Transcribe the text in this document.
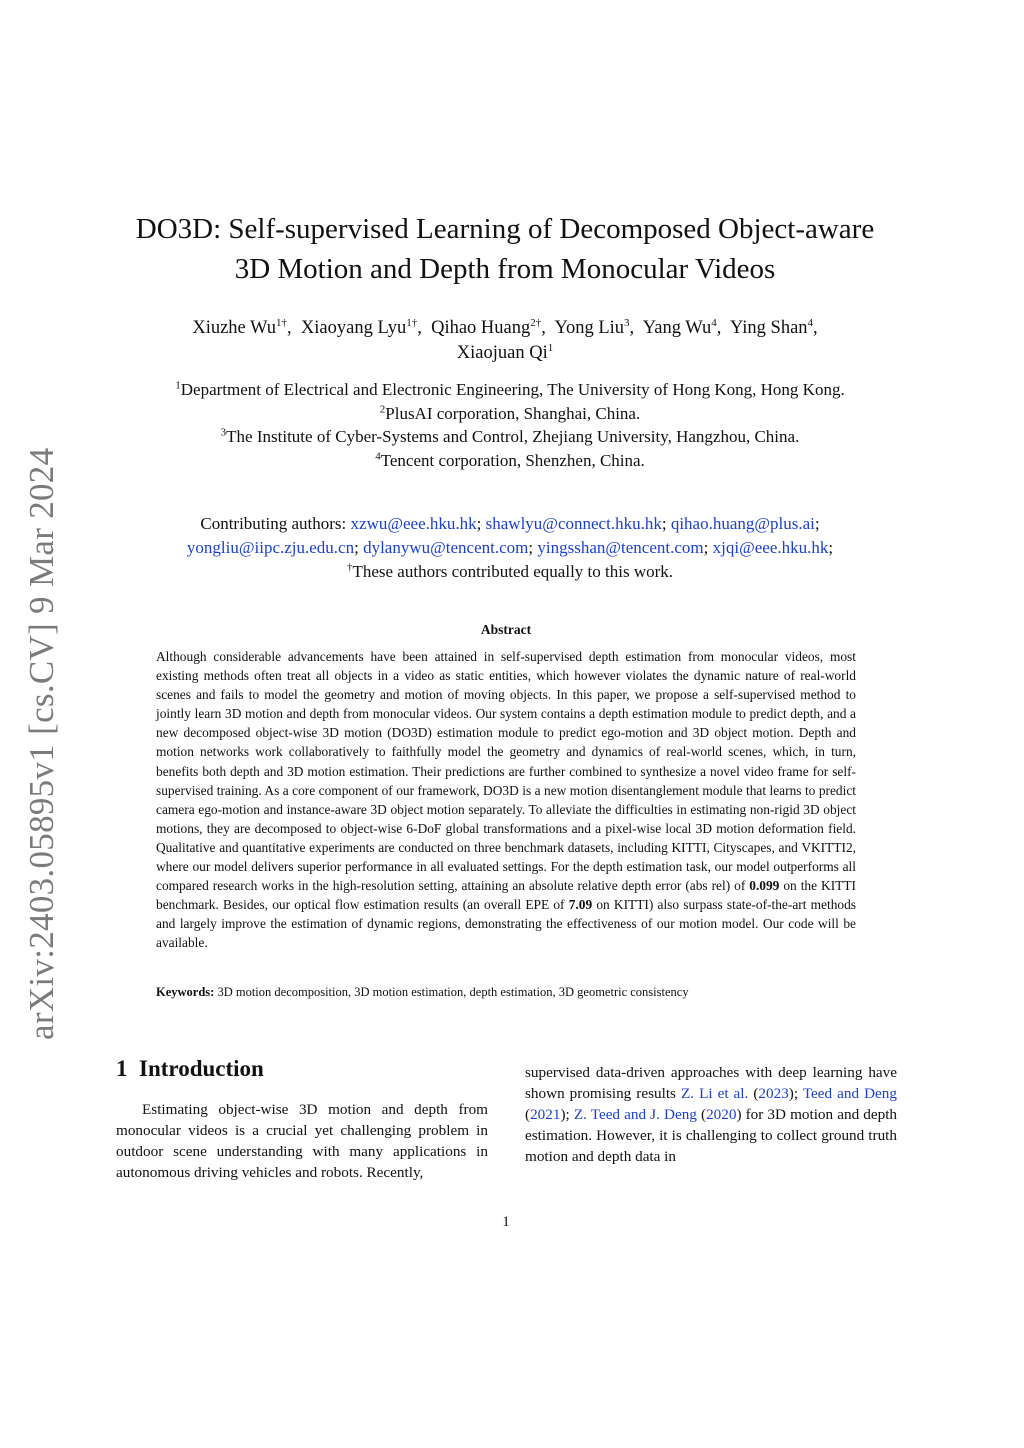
arXiv:2403.05895v1 [cs.CV] 9 Mar 2024
DO3D: Self-supervised Learning of Decomposed Object-aware
3D Motion and Depth from Monocular Videos
Xiuzhe $Wu^{1\dagger}$,  Xiaoyang Lyu$^{1\dagger}$,  Qihao Huang$^{2\dagger}$,  Yong Liu$^3$,  Yang Wu$^4$,  Ying Shan$^4$,
Xiaojuan Qi$^1$
$^1$Department of Electrical and Electronic Engineering, The University of Hong Kong, Hong Kong.
$^2$PlusAI corporation, Shanghai, China.
$^3$The Institute of Cyber-Systems and Control, Zhejiang University, Hangzhou, China.
$^4$Tencent corporation, Shenzhen, China.
Contributing authors: xzwu@eee.hku.hk; shawlyu@connect.hku.hk; qihao.huang@plus.ai;
yongliu@iipc.zju.edu.cn; dylanywu@tencent.com; yingsshan@tencent.com; xjqi@eee.hku.hk;
†These authors contributed equally to this work.
Abstract
Although considerable advancements have been attained in self-supervised depth estimation from monocular videos, most existing methods often treat all objects in a video as static entities, which however violates the dynamic nature of real-world scenes and fails to model the geometry and motion of moving objects. In this paper, we propose a self-supervised method to jointly learn 3D motion and depth from monocular videos. Our system contains a depth estimation module to predict depth, and a new decomposed object-wise 3D motion (DO3D) estimation module to predict ego-motion and 3D object motion. Depth and motion networks work collaboratively to faithfully model the geometry and dynamics of real-world scenes, which, in turn, benefits both depth and 3D motion estimation. Their predictions are further combined to synthesize a novel video frame for self-supervised training. As a core component of our framework, DO3D is a new motion disentanglement module that learns to predict camera ego-motion and instance-aware 3D object motion separately. To alleviate the difficulties in estimating non-rigid 3D object motions, they are decomposed to object-wise 6-DoF global transformations and a pixel-wise local 3D motion deformation field. Qualitative and quantitative experiments are conducted on three benchmark datasets, including KITTI, Cityscapes, and VKITTI2, where our model delivers superior performance in all evaluated settings. For the depth estimation task, our model outperforms all compared research works in the high-resolution setting, attaining an absolute relative depth error (abs rel) of 0.099 on the KITTI benchmark. Besides, our optical flow estimation results (an overall EPE of 7.09 on KITTI) also surpass state-of-the-art methods and largely improve the estimation of dynamic regions, demonstrating the effectiveness of our motion model. Our code will be available.
Keywords: 3D motion decomposition, 3D motion estimation, depth estimation, 3D geometric consistency
1 Introduction
Estimating object-wise 3D motion and depth from monocular videos is a crucial yet challenging problem in outdoor scene understanding with many applications in autonomous driving vehicles and robots. Recently,
supervised data-driven approaches with deep learning have shown promising results Z. Li et al. (2023); Teed and Deng (2021); Z. Teed and J. Deng (2020) for 3D motion and depth estimation. However, it is challenging to collect ground truth motion and depth data in
1
